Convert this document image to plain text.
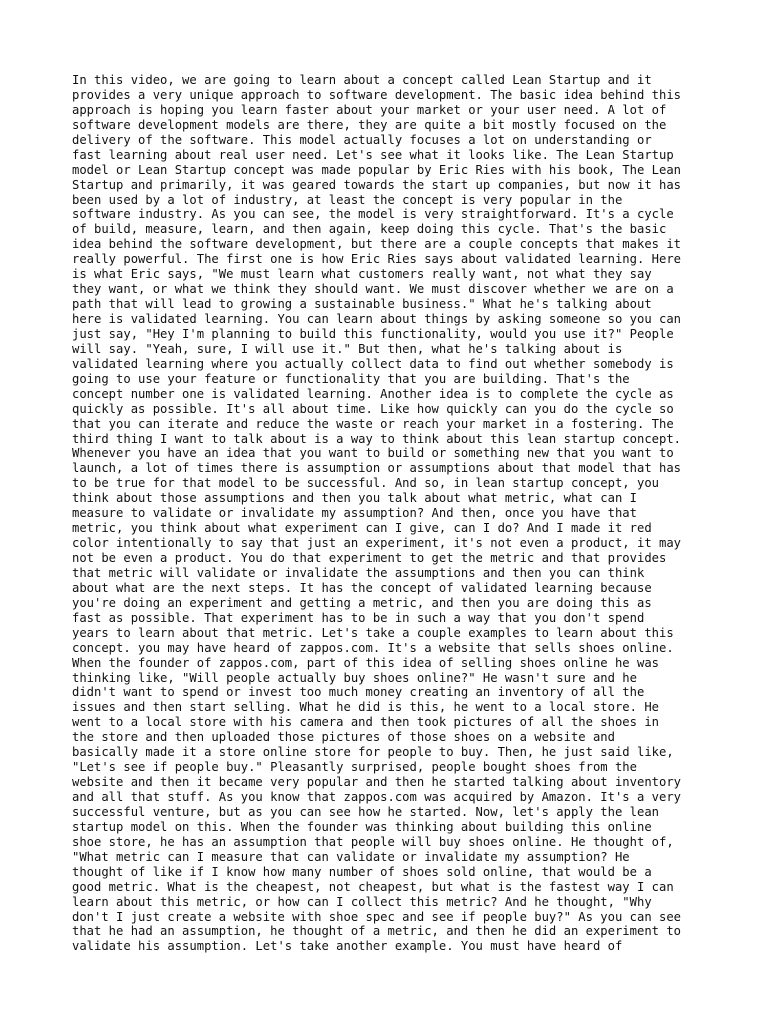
In this video, we are going to learn about a concept called Lean Startup and it
provides a very unique approach to software development. The basic idea behind this
approach is hoping you learn faster about your market or your user need. A lot of
software development models are there, they are quite a bit mostly focused on the
delivery of the software. This model actually focuses a lot on understanding or
fast learning about real user need. Let's see what it looks like. The Lean Startup
model or Lean Startup concept was made popular by Eric Ries with his book, The Lean
Startup and primarily, it was geared towards the start up companies, but now it has
been used by a lot of industry, at least the concept is very popular in the
software industry. As you can see, the model is very straightforward. It's a cycle
of build, measure, learn, and then again, keep doing this cycle. That's the basic
idea behind the software development, but there are a couple concepts that makes it
really powerful. The first one is how Eric Ries says about validated learning. Here
is what Eric says, "We must learn what customers really want, not what they say
they want, or what we think they should want. We must discover whether we are on a
path that will lead to growing a sustainable business." What he's talking about
here is validated learning. You can learn about things by asking someone so you can
just say, "Hey I'm planning to build this functionality, would you use it?" People
will say. "Yeah, sure, I will use it." But then, what he's talking about is
validated learning where you actually collect data to find out whether somebody is
going to use your feature or functionality that you are building. That's the
concept number one is validated learning. Another idea is to complete the cycle as
quickly as possible. It's all about time. Like how quickly can you do the cycle so
that you can iterate and reduce the waste or reach your market in a fostering. The
third thing I want to talk about is a way to think about this lean startup concept.
Whenever you have an idea that you want to build or something new that you want to
launch, a lot of times there is assumption or assumptions about that model that has
to be true for that model to be successful. And so, in lean startup concept, you
think about those assumptions and then you talk about what metric, what can I
measure to validate or invalidate my assumption? And then, once you have that
metric, you think about what experiment can I give, can I do? And I made it red
color intentionally to say that just an experiment, it's not even a product, it may
not be even a product. You do that experiment to get the metric and that provides
that metric will validate or invalidate the assumptions and then you can think
about what are the next steps. It has the concept of validated learning because
you're doing an experiment and getting a metric, and then you are doing this as
fast as possible. That experiment has to be in such a way that you don't spend
years to learn about that metric. Let's take a couple examples to learn about this
concept. you may have heard of zappos.com. It's a website that sells shoes online.
When the founder of zappos.com, part of this idea of selling shoes online he was
thinking like, "Will people actually buy shoes online?" He wasn't sure and he
didn't want to spend or invest too much money creating an inventory of all the
issues and then start selling. What he did is this, he went to a local store. He
went to a local store with his camera and then took pictures of all the shoes in
the store and then uploaded those pictures of those shoes on a website and
basically made it a store online store for people to buy. Then, he just said like,
"Let's see if people buy." Pleasantly surprised, people bought shoes from the
website and then it became very popular and then he started talking about inventory
and all that stuff. As you know that zappos.com was acquired by Amazon. It's a very
successful venture, but as you can see how he started. Now, let's apply the lean
startup model on this. When the founder was thinking about building this online
shoe store, he has an assumption that people will buy shoes online. He thought of,
"What metric can I measure that can validate or invalidate my assumption? He
thought of like if I know how many number of shoes sold online, that would be a
good metric. What is the cheapest, not cheapest, but what is the fastest way I can
learn about this metric, or how can I collect this metric? And he thought, "Why
don't I just create a website with shoe spec and see if people buy?" As you can see
that he had an assumption, he thought of a metric, and then he did an experiment to
validate his assumption. Let's take another example. You must have heard of
